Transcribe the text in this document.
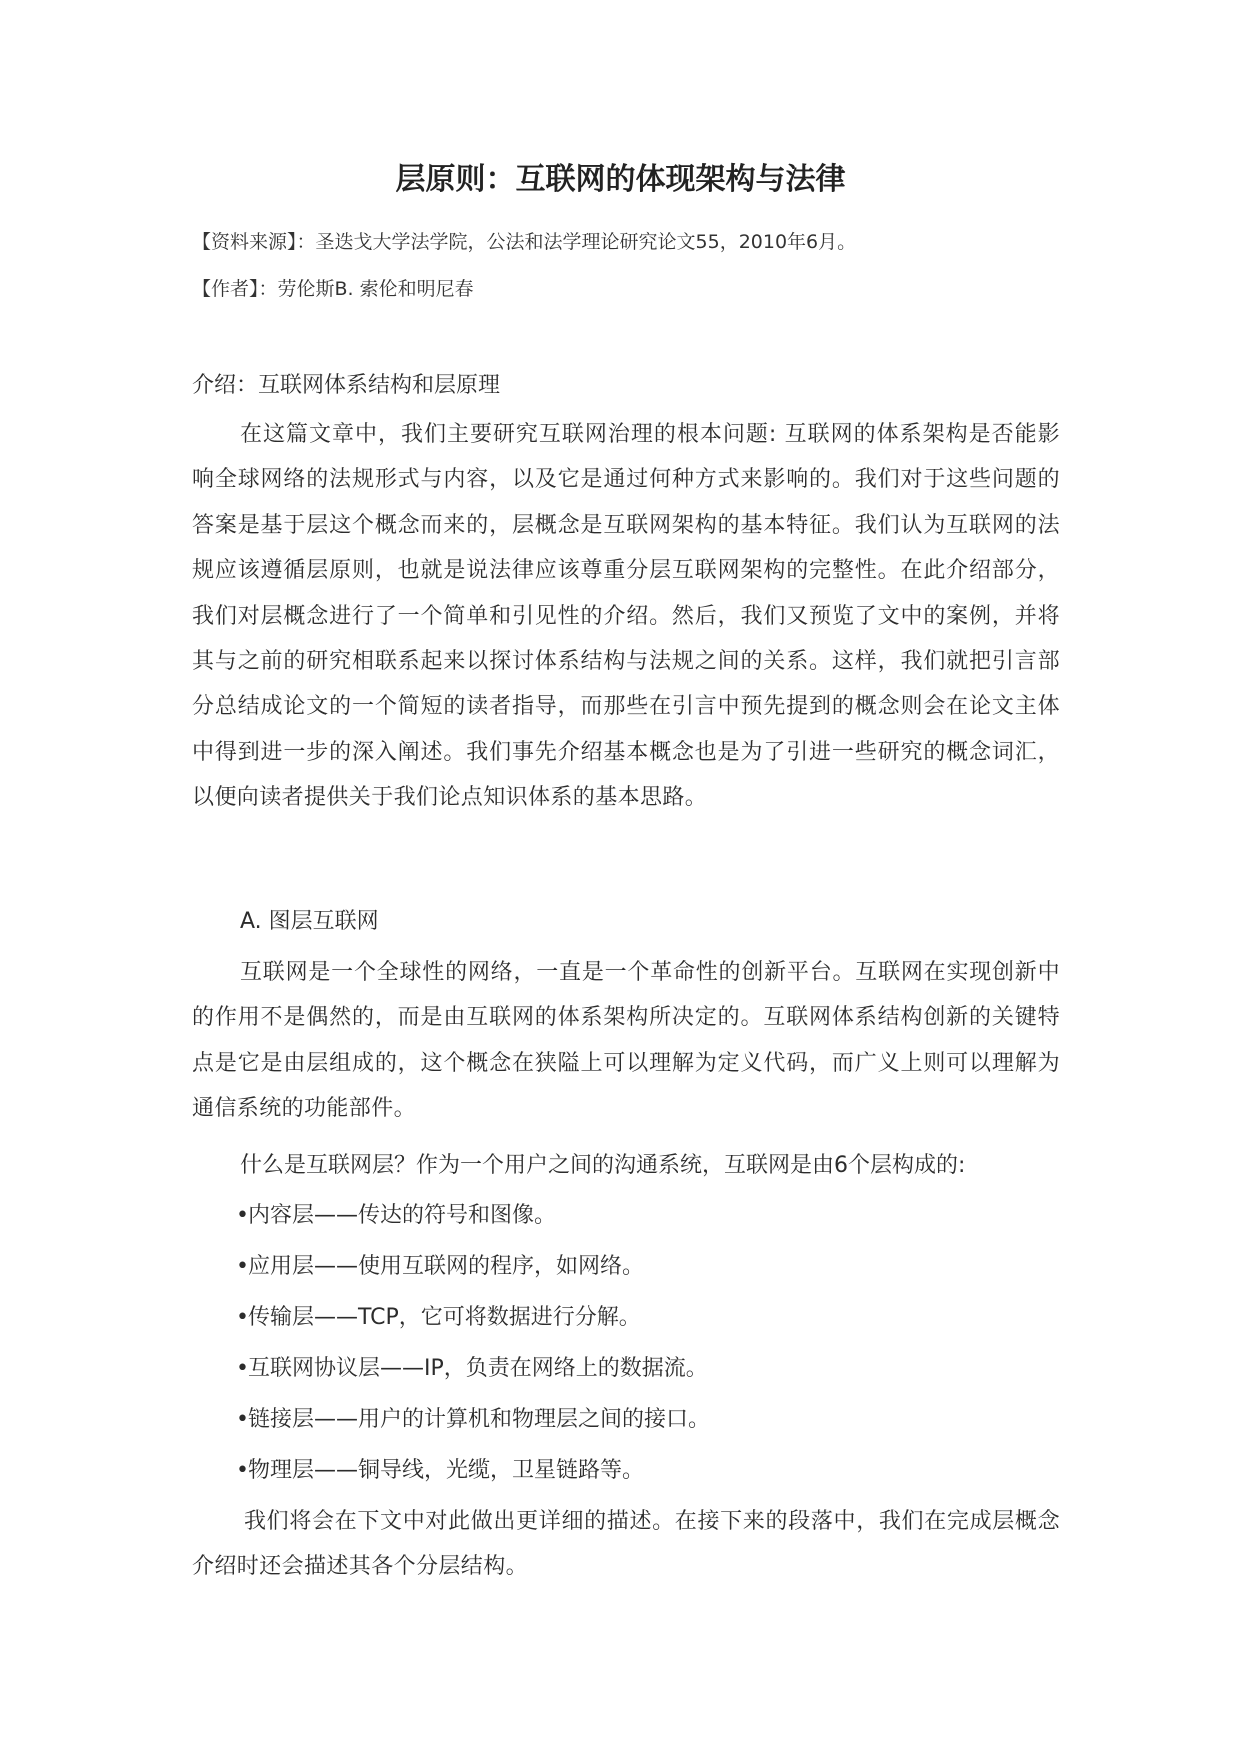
层原则：互联网的体现架构与法律
【资料来源】：圣迭戈大学法学院，公法和法学理论研究论文55，2010年6月。
【作者】：劳伦斯B. 索伦和明尼春
介绍：互联网体系结构和层原理

在这篇文章中，我们主要研究互联网治理的根本问题: 互联网的体系架构是否能影响全球网络的法规形式与内容，以及它是通过何种方式来影响的。我们对于这些问题的答案是基于层这个概念而来的，层概念是互联网架构的基本特征。我们认为互联网的法规应该遵循层原则，也就是说法律应该尊重分层互联网架构的完整性。在此介绍部分，我们对层概念进行了一个简单和引见性的介绍。然后，我们又预览了文中的案例，并将其与之前的研究相联系起来以探讨体系结构与法规之间的关系。这样，我们就把引言部分总结成论文的一个简短的读者指导，而那些在引言中预先提到的概念则会在论文主体中得到进一步的深入阐述。我们事先介绍基本概念也是为了引进一些研究的概念词汇，以便向读者提供关于我们论点知识体系的基本思路。

A. 图层互联网

互联网是一个全球性的网络，一直是一个革命性的创新平台。互联网在实现创新中的作用不是偶然的，而是由互联网的体系架构所决定的。互联网体系结构创新的关键特点是它是由层组成的，这个概念在狭隘上可以理解为定义代码，而广义上则可以理解为通信系统的功能部件。

什么是互联网层？作为一个用户之间的沟通系统，互联网是由6个层构成的:
•内容层——传达的符号和图像。
•应用层——使用互联网的程序，如网络。
•传输层——TCP，它可将数据进行分解。
•互联网协议层——IP，负责在网络上的数据流。
•链接层——用户的计算机和物理层之间的接口。
•物理层——铜导线，光缆，卫星链路等。

我们将会在下文中对此做出更详细的描述。在接下来的段落中，我们在完成层概念介绍时还会描述其各个分层结构。
